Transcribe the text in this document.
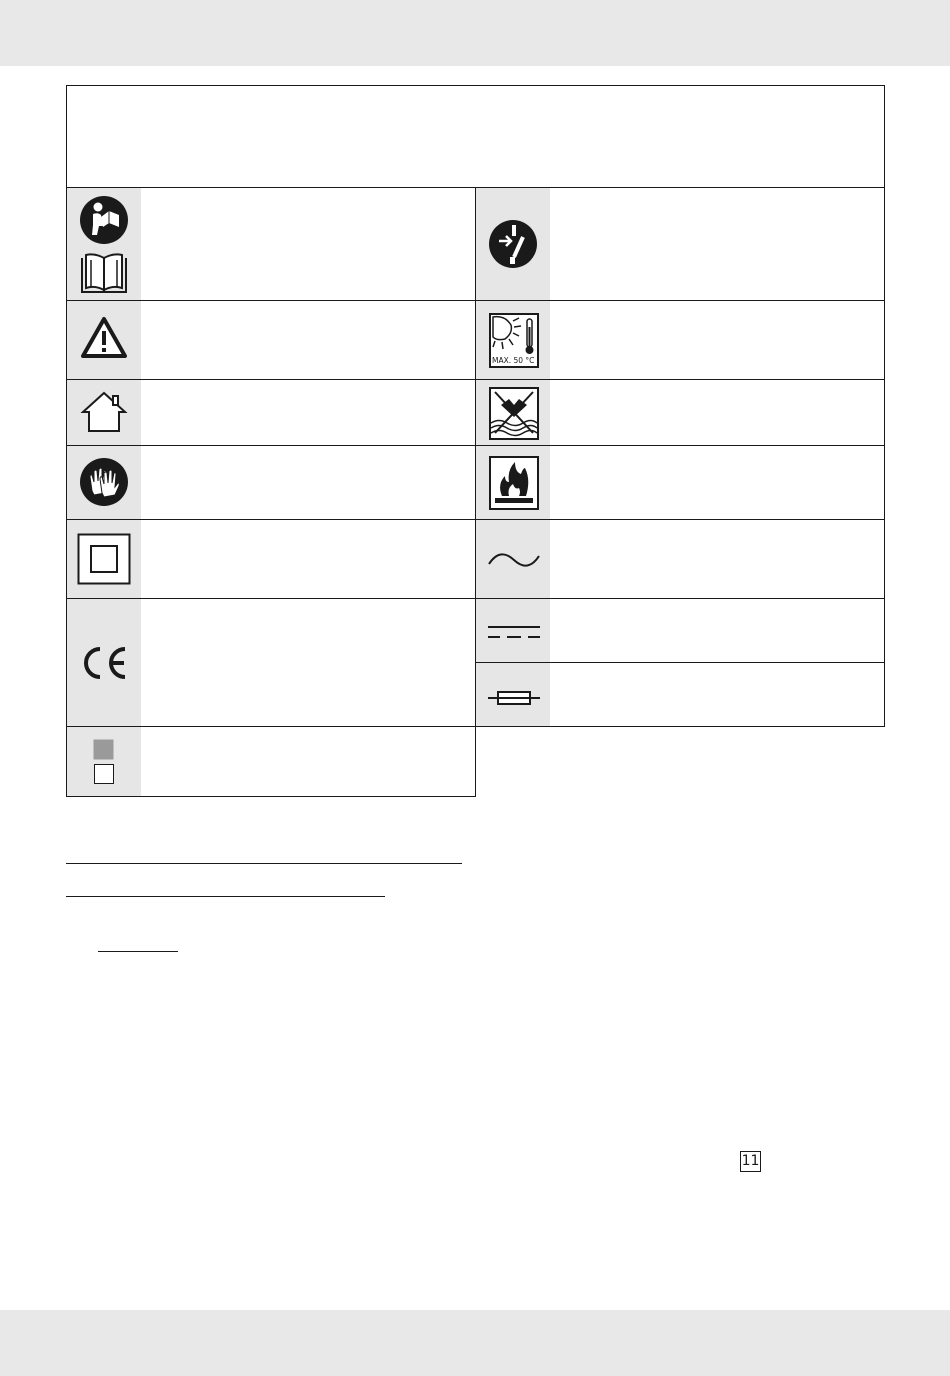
MAX. 50 °C
11
